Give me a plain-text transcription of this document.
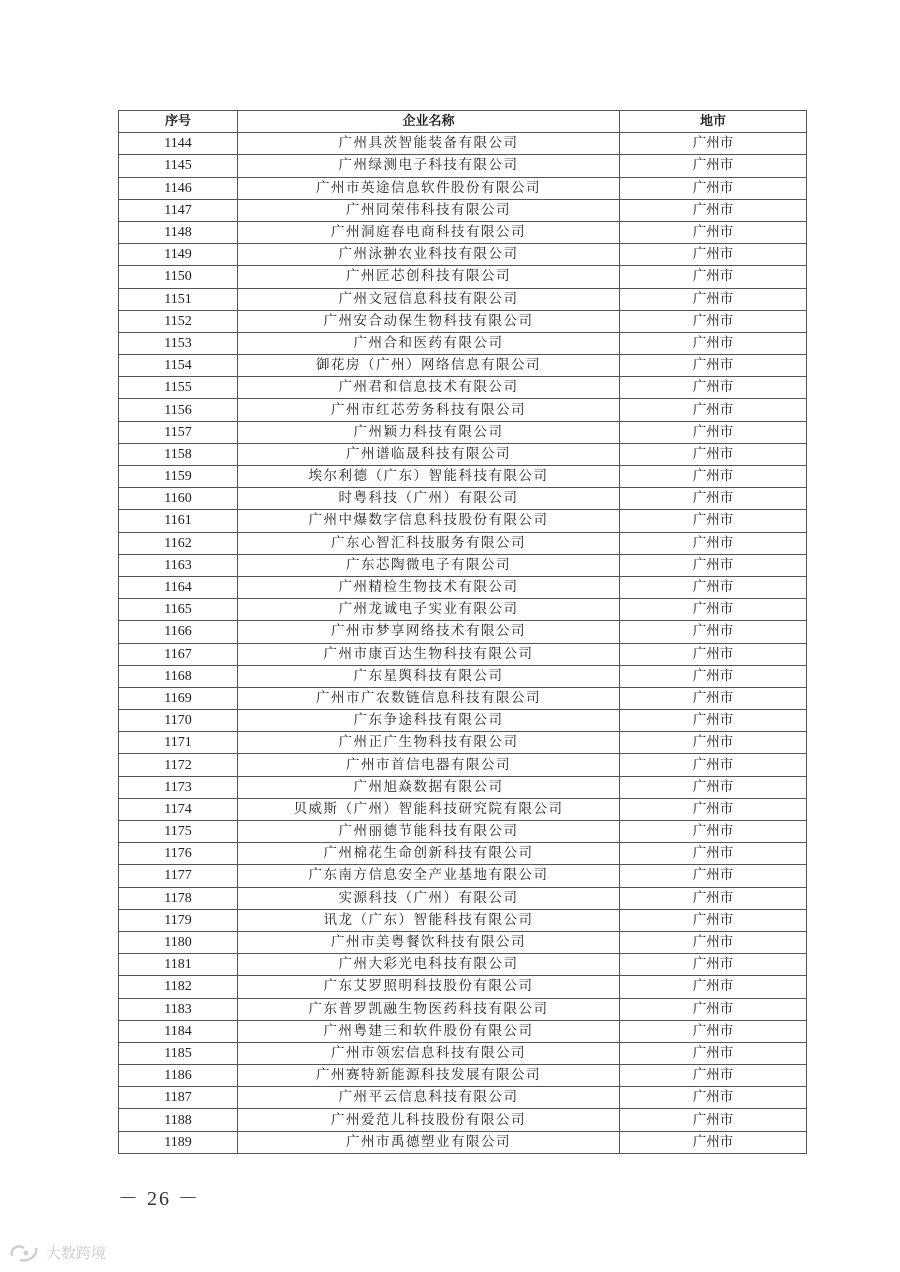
序号	企业名称	地市
1144	广州具茨智能装备有限公司	广州市
1145	广州绿测电子科技有限公司	广州市
1146	广州市英途信息软件股份有限公司	广州市
1147	广州同荣伟科技有限公司	广州市
1148	广州洞庭春电商科技有限公司	广州市
1149	广州泳翀农业科技有限公司	广州市
1150	广州匠芯创科技有限公司	广州市
1151	广州文冠信息科技有限公司	广州市
1152	广州安合动保生物科技有限公司	广州市
1153	广州合和医药有限公司	广州市
1154	御花房（广州）网络信息有限公司	广州市
1155	广州君和信息技术有限公司	广州市
1156	广州市红芯劳务科技有限公司	广州市
1157	广州颖力科技有限公司	广州市
1158	广州谱临晟科技有限公司	广州市
1159	埃尔利德（广东）智能科技有限公司	广州市
1160	时粤科技（广州）有限公司	广州市
1161	广州中爆数字信息科技股份有限公司	广州市
1162	广东心智汇科技服务有限公司	广州市
1163	广东芯陶微电子有限公司	广州市
1164	广州精检生物技术有限公司	广州市
1165	广州龙诚电子实业有限公司	广州市
1166	广州市梦享网络技术有限公司	广州市
1167	广州市康百达生物科技有限公司	广州市
1168	广东星舆科技有限公司	广州市
1169	广州市广农数链信息科技有限公司	广州市
1170	广东争途科技有限公司	广州市
1171	广州正广生物科技有限公司	广州市
1172	广州市首信电器有限公司	广州市
1173	广州旭焱数据有限公司	广州市
1174	贝威斯（广州）智能科技研究院有限公司	广州市
1175	广州丽德节能科技有限公司	广州市
1176	广州棉花生命创新科技有限公司	广州市
1177	广东南方信息安全产业基地有限公司	广州市
1178	实源科技（广州）有限公司	广州市
1179	讯龙（广东）智能科技有限公司	广州市
1180	广州市美粤餐饮科技有限公司	广州市
1181	广州大彩光电科技有限公司	广州市
1182	广东艾罗照明科技股份有限公司	广州市
1183	广东普罗凯融生物医药科技有限公司	广州市
1184	广州粤建三和软件股份有限公司	广州市
1185	广州市领宏信息科技有限公司	广州市
1186	广州赛特新能源科技发展有限公司	广州市
1187	广州平云信息科技有限公司	广州市
1188	广州爱范儿科技股份有限公司	广州市
1189	广州市禹德塑业有限公司	广州市
－ 26 －
大数跨境
